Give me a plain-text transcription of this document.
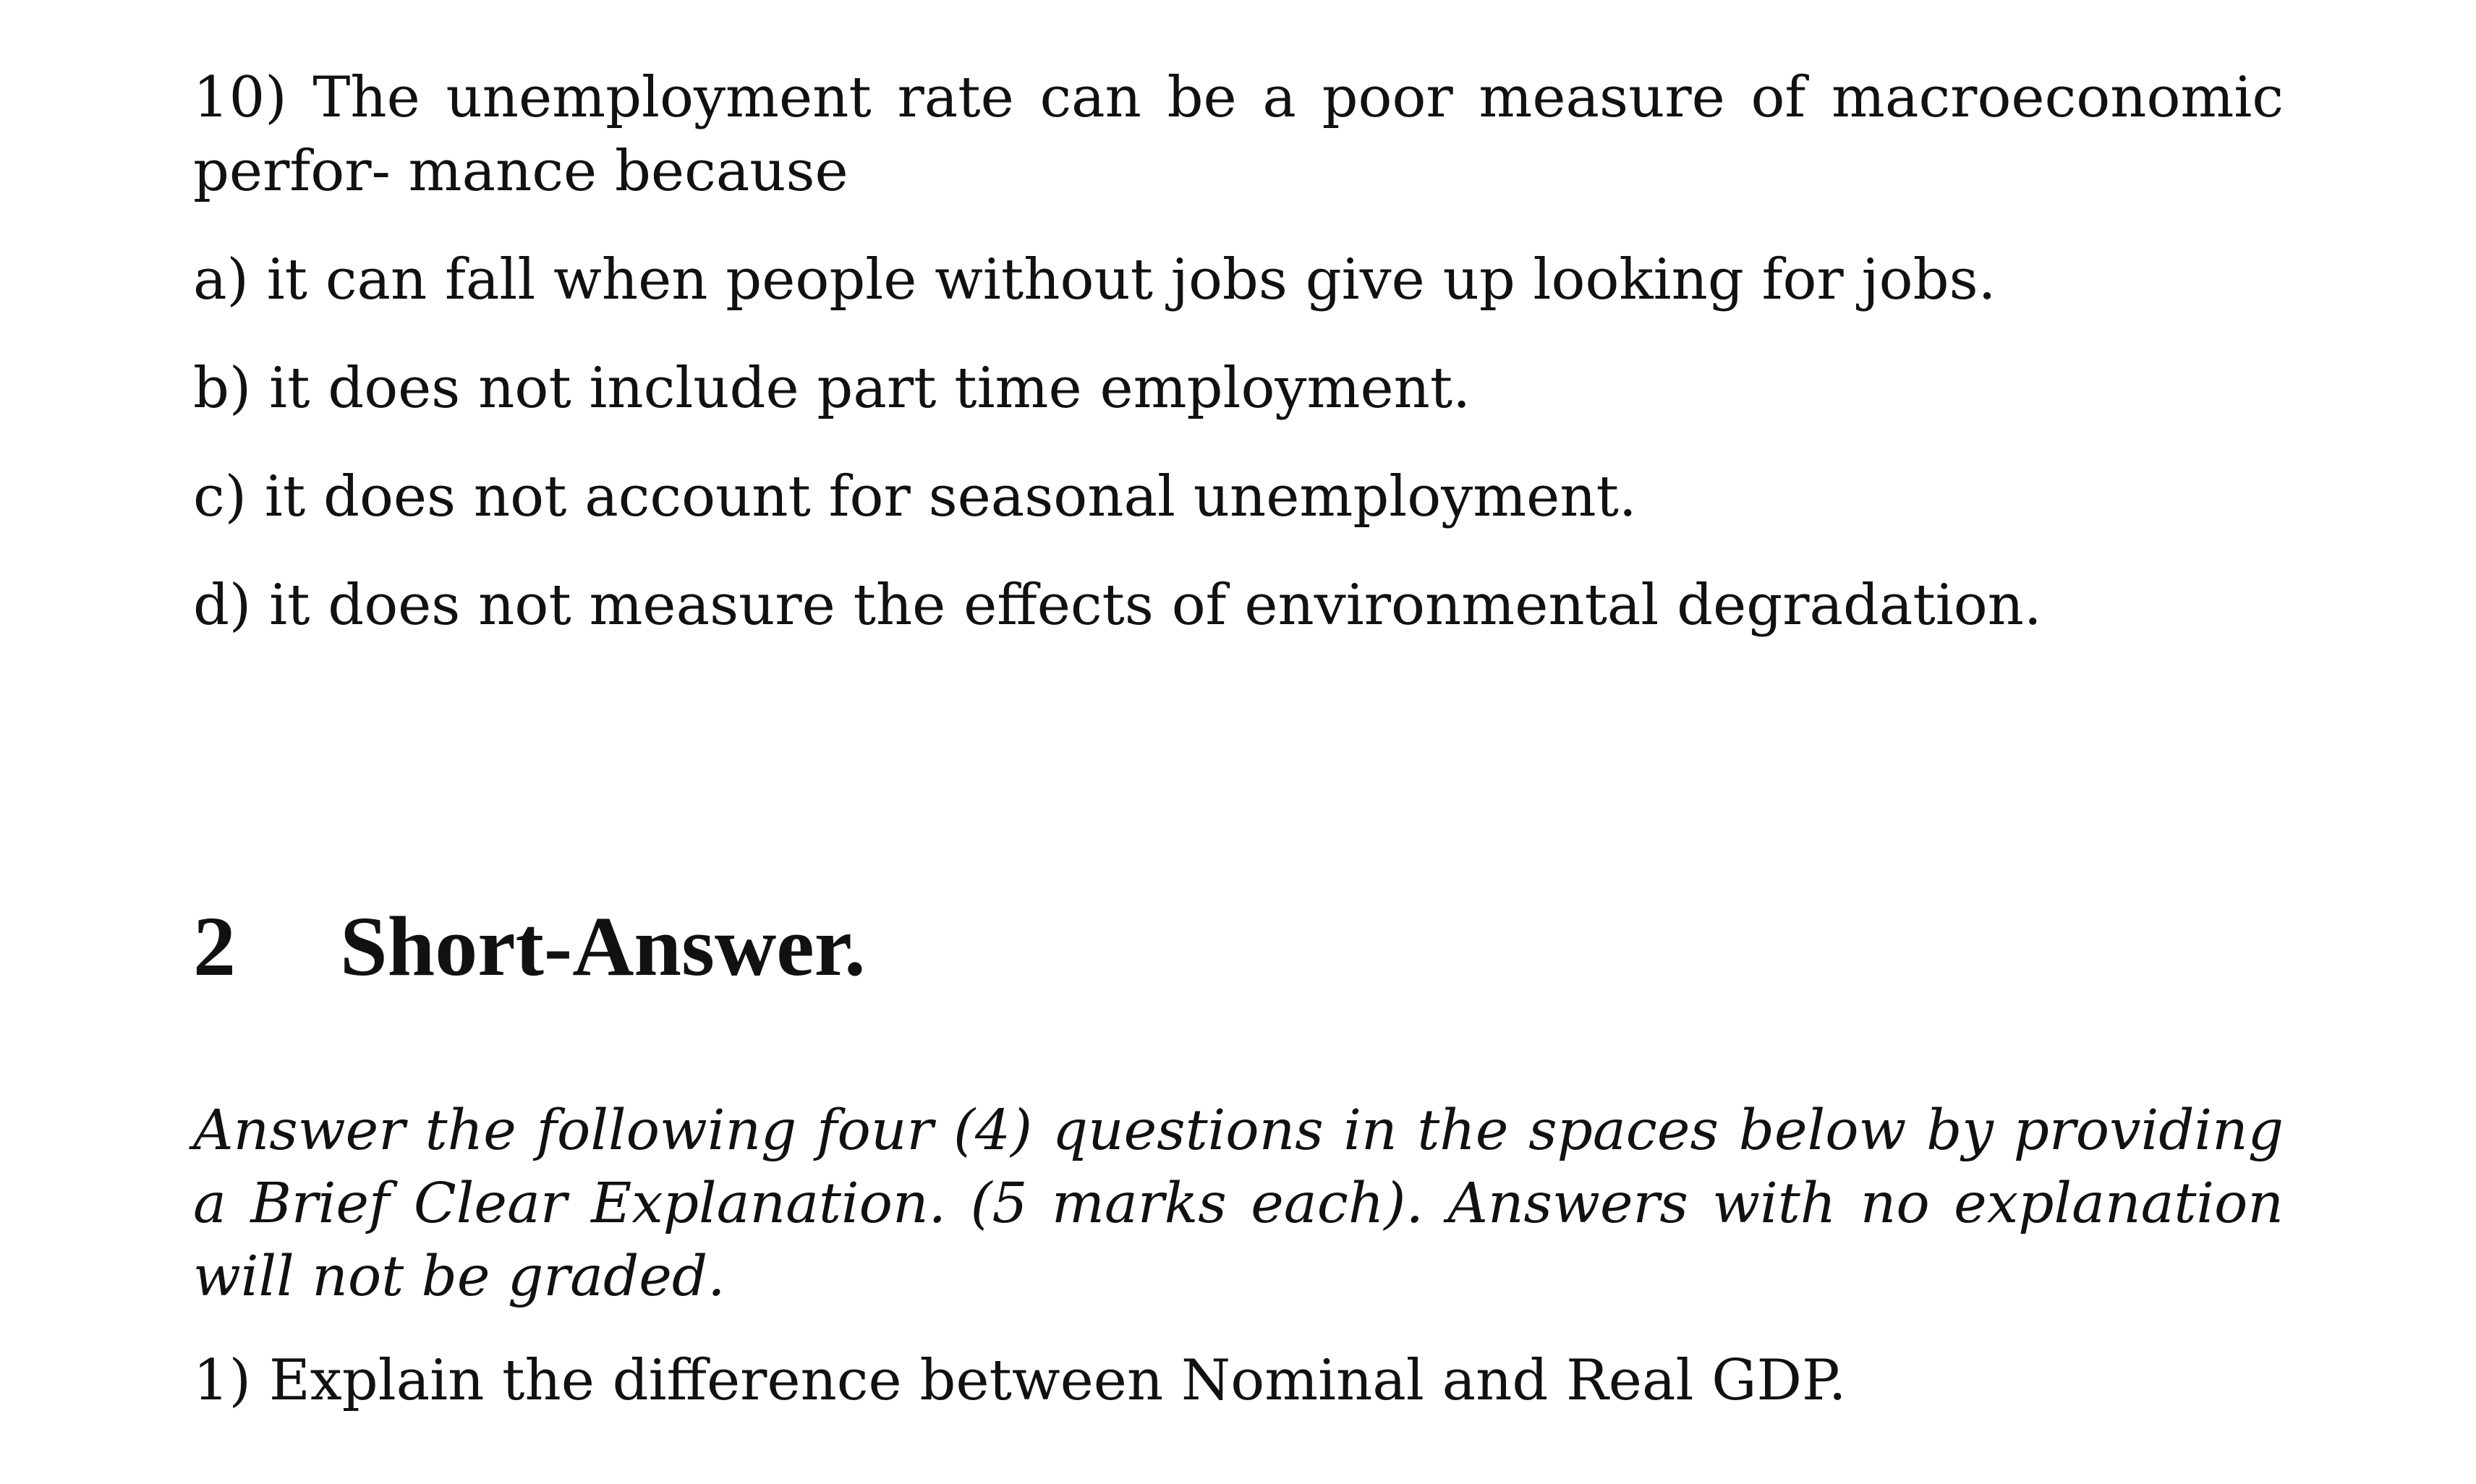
10) The unemployment rate can be a poor measure of macroeconomic perfor- mance because

a) it can fall when people without jobs give up looking for jobs.

b) it does not include part time employment.

c) it does not account for seasonal unemployment.

d) it does not measure the effects of environmental degradation.

2 Short-Answer.

Answer the following four (4) questions in the spaces below by providing a Brief Clear Explanation. (5 marks each). Answers with no explanation will not be graded.

1) Explain the difference between Nominal and Real GDP.
